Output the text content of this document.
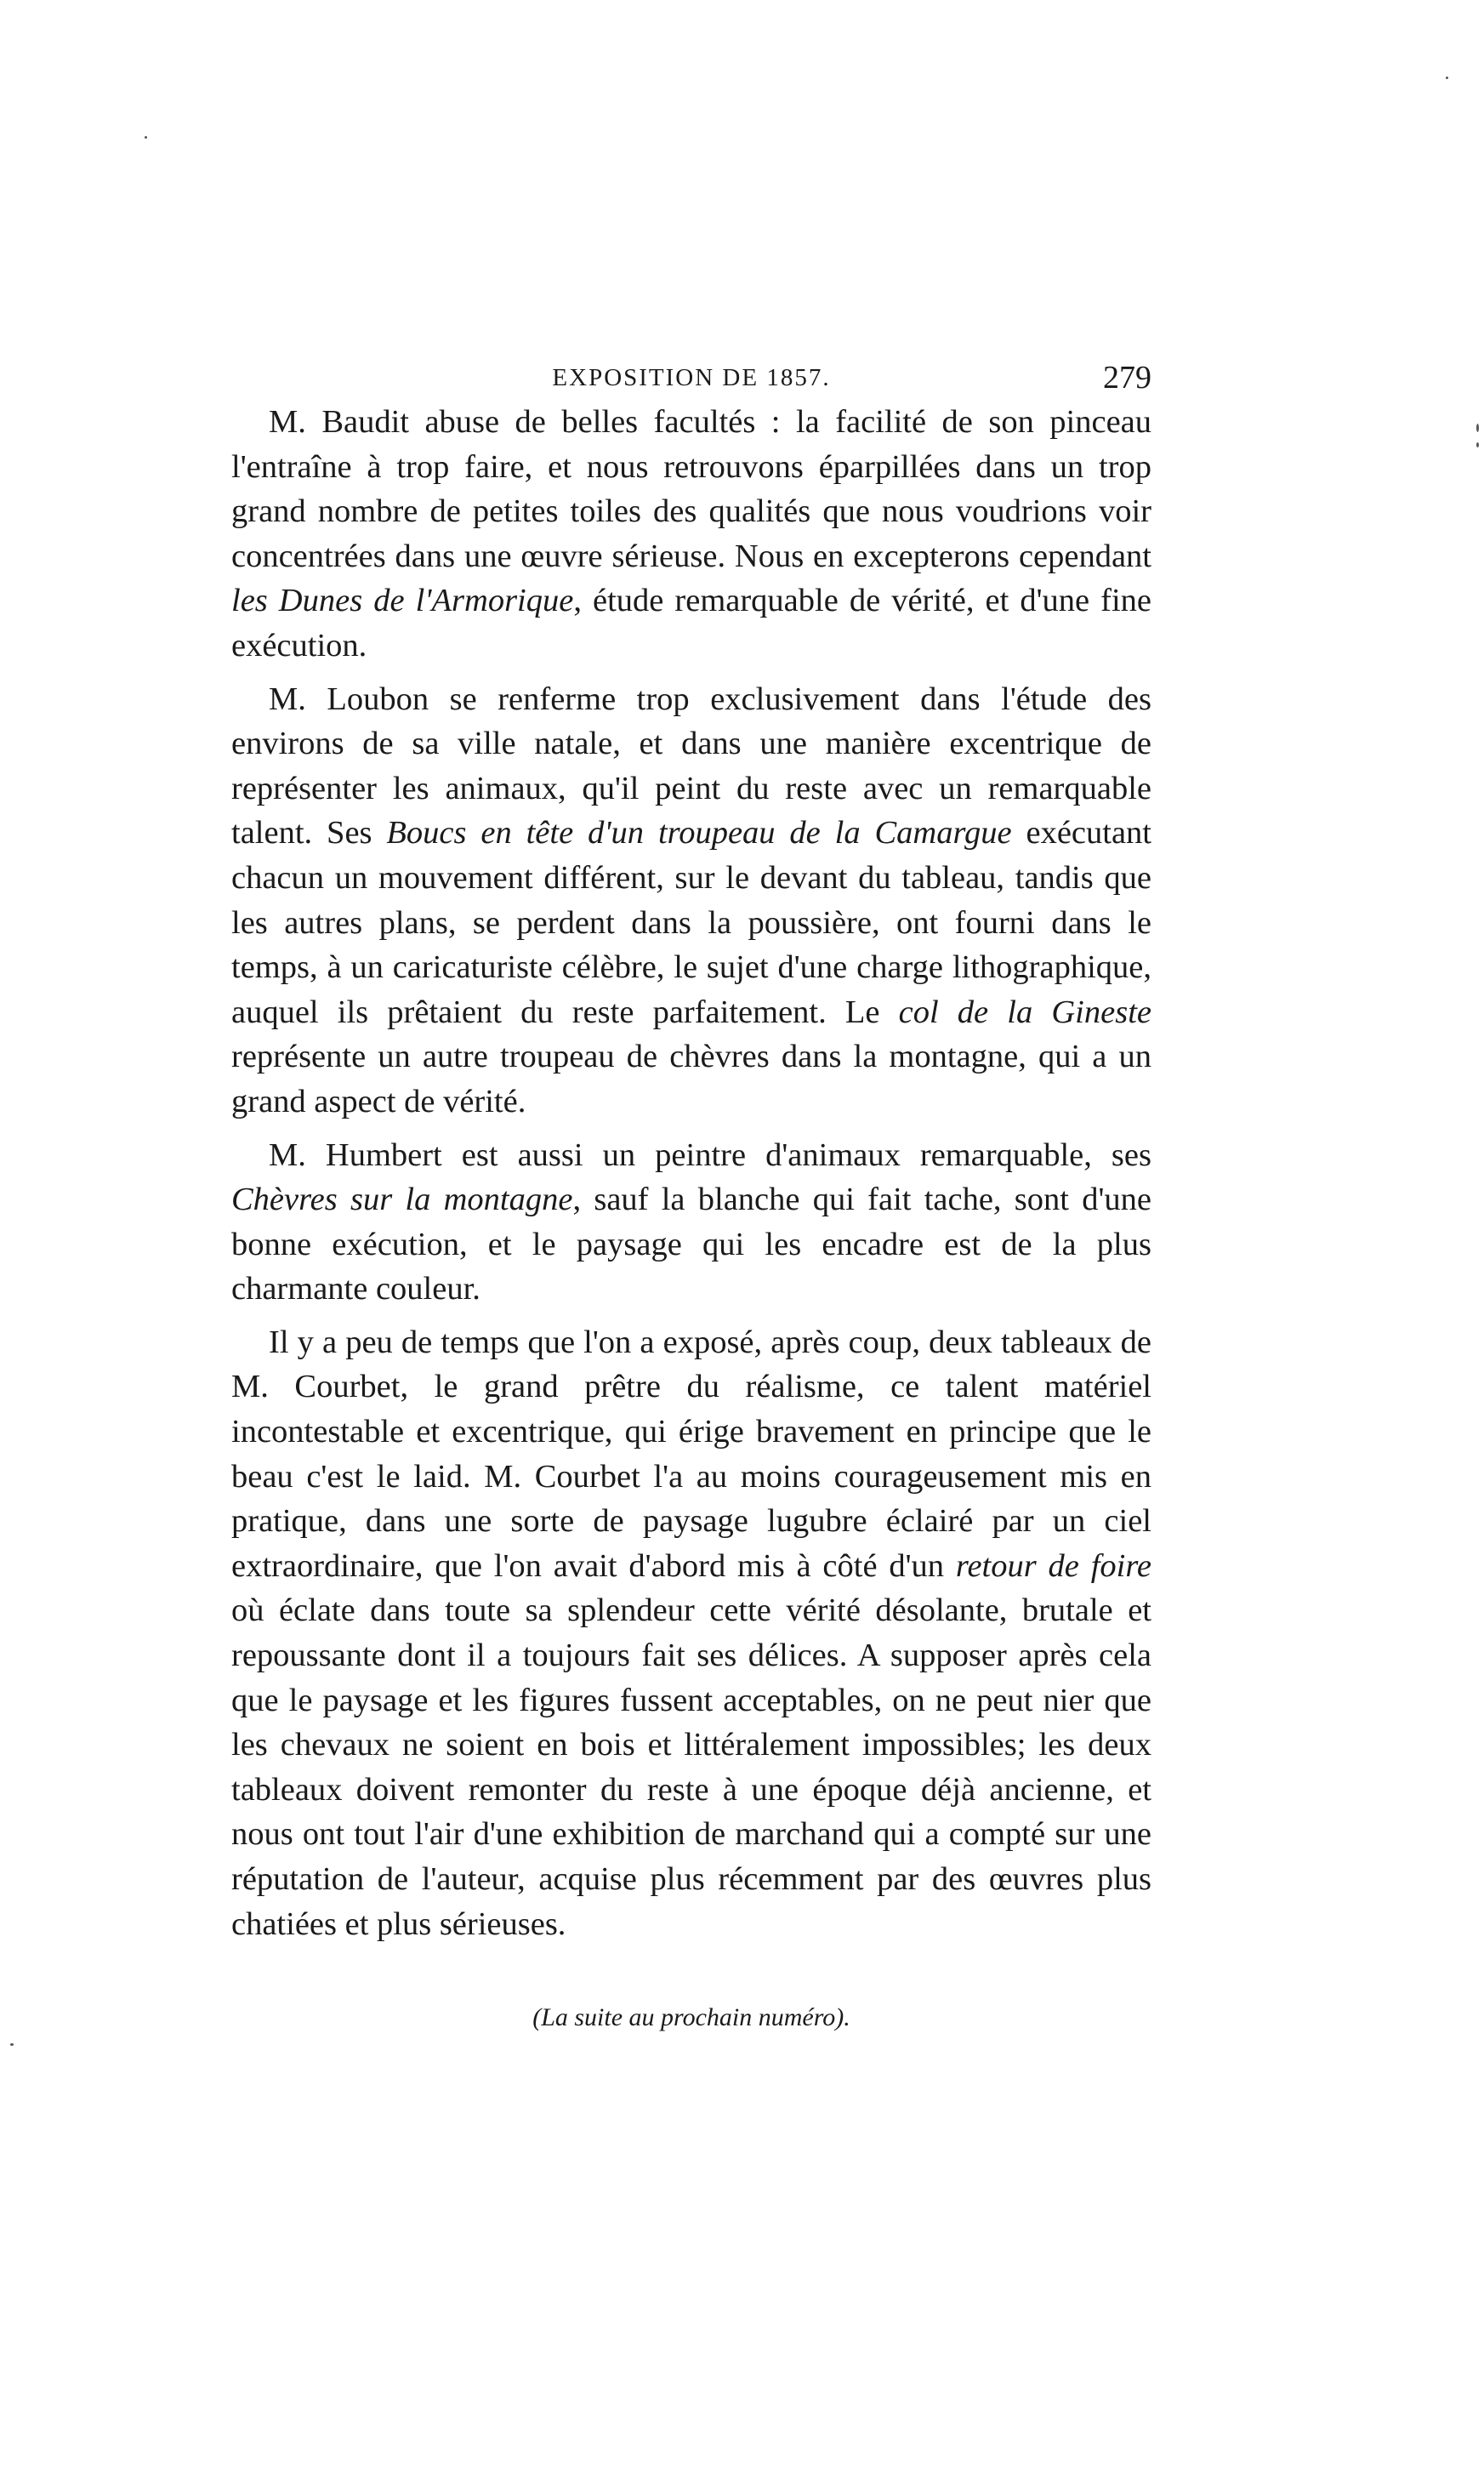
EXPOSITION DE 1857.	279

M. Baudit abuse de belles facultés : la facilité de son pinceau l'entraîne à trop faire, et nous retrouvons éparpillées dans un trop grand nombre de petites toiles des qualités que nous voudrions voir concentrées dans une œuvre sérieuse. Nous en excepterons cependant les Dunes de l'Armorique, étude remarquable de vérité, et d'une fine exécution.

M. Loubon se renferme trop exclusivement dans l'étude des environs de sa ville natale, et dans une manière excentrique de représenter les animaux, qu'il peint du reste avec un remarquable talent. Ses Boucs en tête d'un troupeau de la Camargue exécutant chacun un mouvement différent, sur le devant du tableau, tandis que les autres plans, se perdent dans la poussière, ont fourni dans le temps, à un caricaturiste célèbre, le sujet d'une charge lithographique, auquel ils prêtaient du reste parfaitement. Le col de la Gineste représente un autre troupeau de chèvres dans la montagne, qui a un grand aspect de vérité.

M. Humbert est aussi un peintre d'animaux remarquable, ses Chèvres sur la montagne, sauf la blanche qui fait tache, sont d'une bonne exécution, et le paysage qui les encadre est de la plus charmante couleur.

Il y a peu de temps que l'on a exposé, après coup, deux tableaux de M. Courbet, le grand prêtre du réalisme, ce talent matériel incontestable et excentrique, qui érige bravement en principe que le beau c'est le laid. M. Courbet l'a au moins courageusement mis en pratique, dans une sorte de paysage lugubre éclairé par un ciel extraordinaire, que l'on avait d'abord mis à côté d'un retour de foire où éclate dans toute sa splendeur cette vérité désolante, brutale et repoussante dont il a toujours fait ses délices. A supposer après cela que le paysage et les figures fussent acceptables, on ne peut nier que les chevaux ne soient en bois et littéralement impossibles; les deux tableaux doivent remonter du reste à une époque déjà ancienne, et nous ont tout l'air d'une exhibition de marchand qui a compté sur une réputation de l'auteur, acquise plus récemment par des œuvres plus chatiées et plus sérieuses.

(La suite au prochain numéro).
